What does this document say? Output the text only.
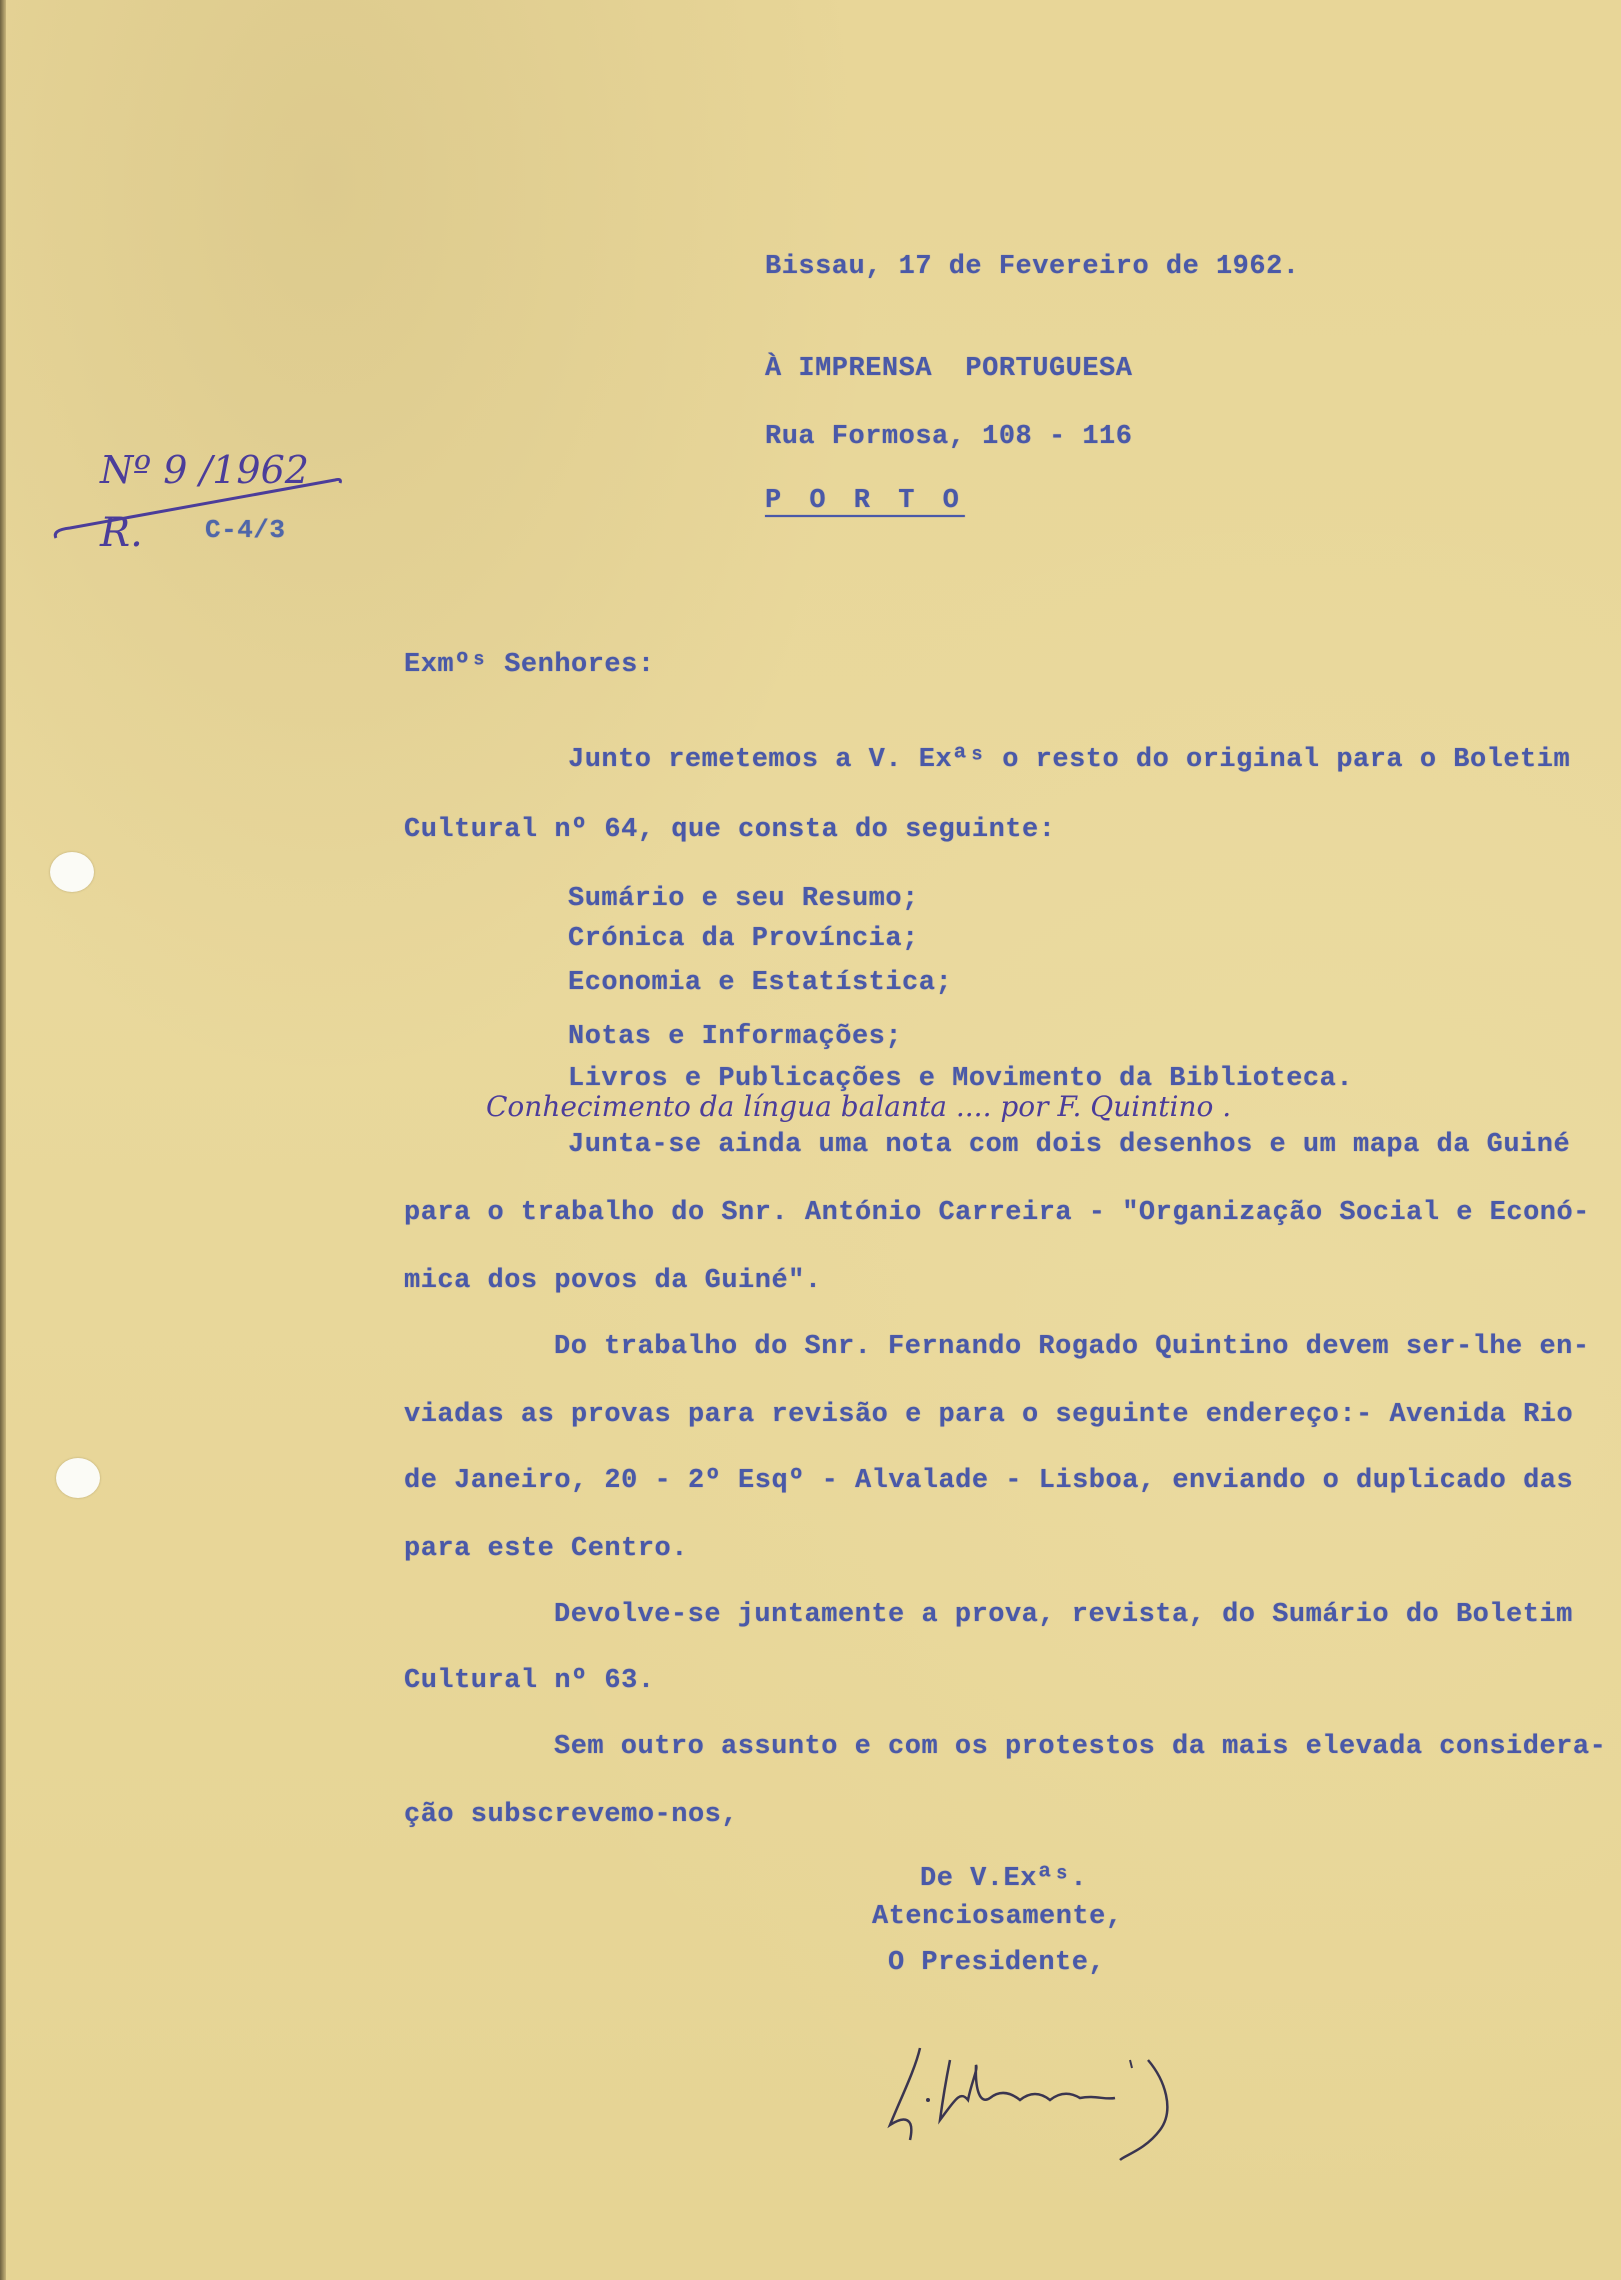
Bissau, 17 de Fevereiro de 1962.
À IMPRENSA  PORTUGUESA
Rua Formosa, 108 - 116
P O R T O
Nº 9 /1962
R. C-4/3
Exmºˢ Senhores:
Junto remetemos a V. Exªˢ o resto do original para o Boletim
Cultural nº 64, que consta do seguinte:
Sumário e seu Resumo;
Crónica da Província;
Economia e Estatística;
Notas e Informações;
Livros e Publicações e Movimento da Biblioteca.
Conhecimento da língua balanta .... por F. Quintino .
Junta-se ainda uma nota com dois desenhos e um mapa da Guiné
para o trabalho do Snr. António Carreira - "Organização Social e Econó-
mica dos povos da Guiné".
Do trabalho do Snr. Fernando Rogado Quintino devem ser-lhe en-
viadas as provas para revisão e para o seguinte endereço:- Avenida Rio
de Janeiro, 20 - 2º Esqº - Alvalade - Lisboa, enviando o duplicado das
para este Centro.
Devolve-se juntamente a prova, revista, do Sumário do Boletim
Cultural nº 63.
Sem outro assunto e com os protestos da mais elevada considera-
ção subscrevemo-nos,
De V.Exªˢ.
Atenciosamente,
O Presidente,
